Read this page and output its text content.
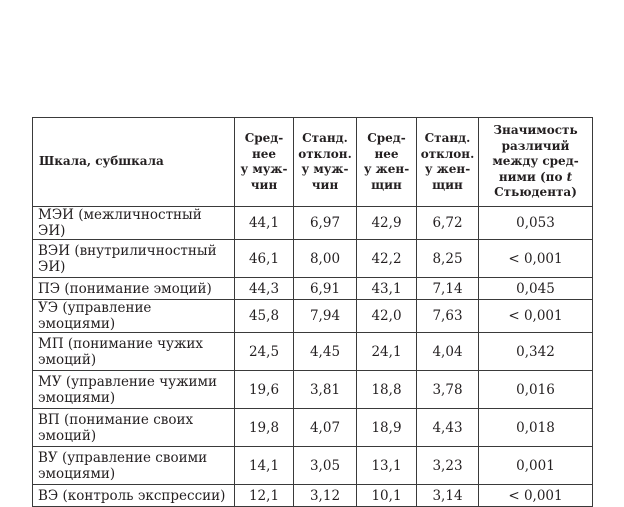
Шкала, субшкала	Сред-
нее
у муж-
чин	Станд.
отклон.
у муж-
чин	Сред-
нее
у жен-
щин	Станд.
отклон.
у жен-
щин	Значимость
различий
между сред-
ними (по t
Стьюдента)
МЭИ (межличностный ЭИ)	44,1	6,97	42,9	6,72	0,053
ВЭИ (внутриличностный ЭИ)	46,1	8,00	42,2	8,25	< 0,001
ПЭ (понимание эмоций)	44,3	6,91	43,1	7,14	0,045
УЭ (управление эмоциями)	45,8	7,94	42,0	7,63	< 0,001
МП (понимание чужих эмоций)	24,5	4,45	24,1	4,04	0,342
МУ (управление чужими эмоциями)	19,6	3,81	18,8	3,78	0,016
ВП (понимание своих эмоций)	19,8	4,07	18,9	4,43	0,018
ВУ (управление своими эмоциями)	14,1	3,05	13,1	3,23	0,001
ВЭ (контроль экспрессии)	12,1	3,12	10,1	3,14	< 0,001
